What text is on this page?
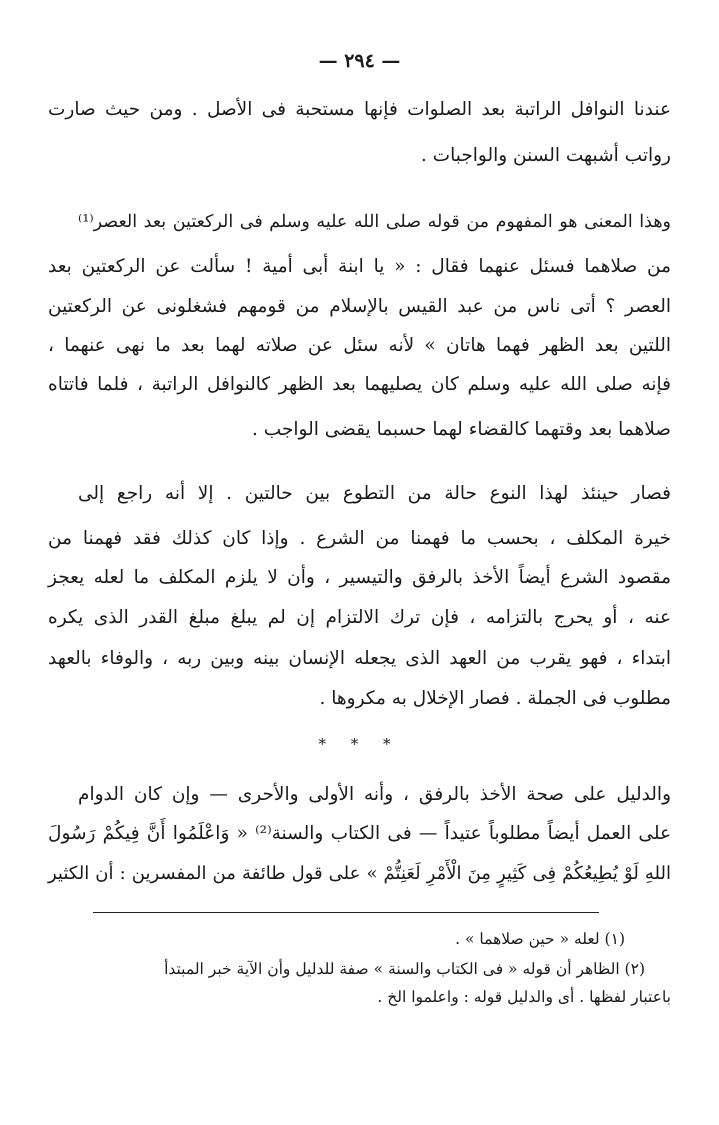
— ٢٩٤ —
عندنا النوافل الراتبة بعد الصلوات فإنها مستحبة فى الأصل . ومن حيث صارت
رواتب أشبهت السنن والواجبات .
وهذا المعنى هو المفهوم من قوله صلى الله عليه وسلم فى الركعتين بعد العصر⁽¹⁾
من صلاهما فسئل عنهما فقال : « يا ابنة أبى أمية ! سألت عن الركعتين بعد
العصر ؟ أتى ناس من عبد القيس بالإسلام من قومهم فشغلونى عن الركعتين
اللتين بعد الظهر فهما هاتان » لأنه سئل عن صلاته لهما بعد ما نهى عنهما ،
فإنه صلى الله عليه وسلم كان يصليهما بعد الظهر كالنوافل الراتبة ، فلما فاتتاه
صلاهما بعد وقتهما كالقضاء لهما حسبما يقضى الواجب .
فصار حينئذ لهذا النوع حالة من التطوع بين حالتين . إلا أنه راجع إلى
خيرة المكلف ، بحسب ما فهمنا من الشرع . وإذا كان كذلك فقد فهمنا من
مقصود الشرع أيضاً الأخذ بالرفق والتيسير ، وأن لا يلزم المكلف ما لعله يعجز
عنه ، أو يحرج بالتزامه ، فإن ترك الالتزام إن لم يبلغ مبلغ القدر الذى يكره
ابتداء ، فهو يقرب من العهد الذى يجعله الإنسان بينه وبين ربه ، والوفاء بالعهد
مطلوب فى الجملة . فصار الإخلال به مكروها .
* * *
والدليل على صحة الأخذ بالرفق ، وأنه الأولى والأحرى — وإن كان الدوام
على العمل أيضاً مطلوباً عتيداً — فى الكتاب والسنة⁽²⁾ « وَاعْلَمُوا أَنَّ فِيكُمْ رَسُولَ
اللهِ لَوْ يُطِيعُكُمْ فِى كَثِيرٍ مِنَ الْأَمْرِ لَعَنِتُّمْ » على قول طائفة من المفسرين : أن الكثير
(١) لعله « حين صلاهما » .
(٢) الظاهر أن قوله « فى الكتاب والسنة » صفة للدليل وأن الآية خبر المبتدأ
باعتبار لفظها . أى والدليل قوله : واعلموا الخ .
